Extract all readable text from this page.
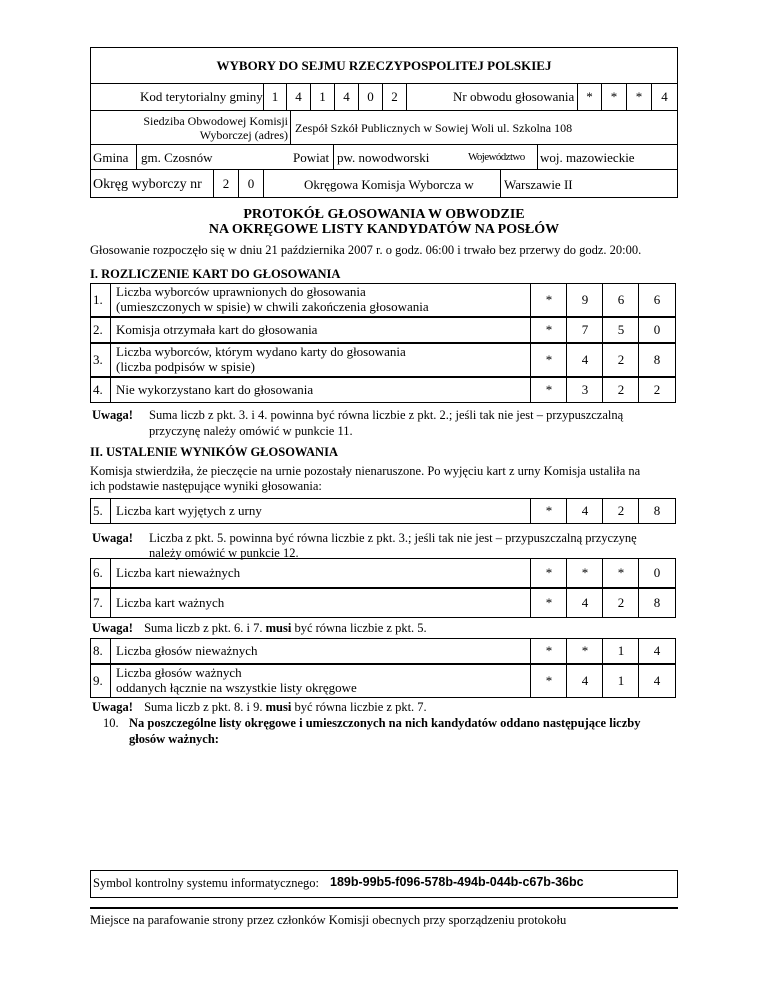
WYBORY DO SEJMU RZECZYPOSPOLITEJ POLSKIEJ
Kod terytorialny gminy 1	4	1	4	0	2	Nr obwodu głosowania *	*	*	4
Siedziba Obwodowej Komisji
Wyborczej (adres) Zespół Szkół Publicznych w Sowiej Woli ul. Szkolna 108
Gmina gm. Czosnów	Powiat pw. nowodworski	Województwo	woj. mazowieckie
Okręg wyborczy nr	2	0	Okręgowa Komisja Wyborcza w Warszawie II
PROTOKÓŁ GŁOSOWANIA W OBWODZIE
NA OKRĘGOWE LISTY KANDYDATÓW NA POSŁÓW
Głosowanie rozpoczęło się w dniu 21 października 2007 r. o godz. 06:00 i trwało bez przerwy do godz. 20:00.
I. ROZLICZENIE KART DO GŁOSOWANIA
1.
Liczba wyborców uprawnionych do głosowania
(umieszczonych w spisie) w chwili zakończenia głosowania	*	9	6	6
2. Komisja otrzymała kart do głosowania	*	7	5	0
3.
Liczba wyborców, którym wydano karty do głosowania
(liczba podpisów w spisie)	*	4	2	8
4. Nie wykorzystano kart do głosowania	*	3	2	2
Uwaga! Suma liczb z pkt. 3. i 4. powinna być równa liczbie z pkt. 2.; jeśli tak nie jest – przypuszczalną
przyczynę należy omówić w punkcie 11.
II. USTALENIE WYNIKÓW GŁOSOWANIA
Komisja stwierdziła, że pieczęcie na urnie pozostały nienaruszone. Po wyjęciu kart z urny Komisja ustaliła na
ich podstawie następujące wyniki głosowania:
5. Liczba kart wyjętych z urny	*	4	2	8
6. Liczba kart nieważnych	*	*	*	0
7. Liczba kart ważnych	*	4	2	8
8. Liczba głosów nieważnych	*	*	1	4
9.
Liczba głosów ważnych
oddanych łącznie na wszystkie listy okręgowe	*	4	1	4
Uwaga! Liczba z pkt. 5. powinna być równa liczbie z pkt. 3.; jeśli tak nie jest – przypuszczalną przyczynę
należy omówić w punkcie 12.
Uwaga! Suma liczb z pkt. 6. i 7. musi być równa liczbie z pkt. 5.
Uwaga! Suma liczb z pkt. 8. i 9. musi być równa liczbie z pkt. 7.
10. Na poszczególne listy okręgowe i umieszczonych na nich kandydatów oddano następujące liczby
głosów ważnych:
Symbol kontrolny systemu informatycznego: 189b-99b5-f096-578b-494b-044b-c67b-36bc
Miejsce na parafowanie strony przez członków Komisji obecnych przy sporządzeniu protokołu
